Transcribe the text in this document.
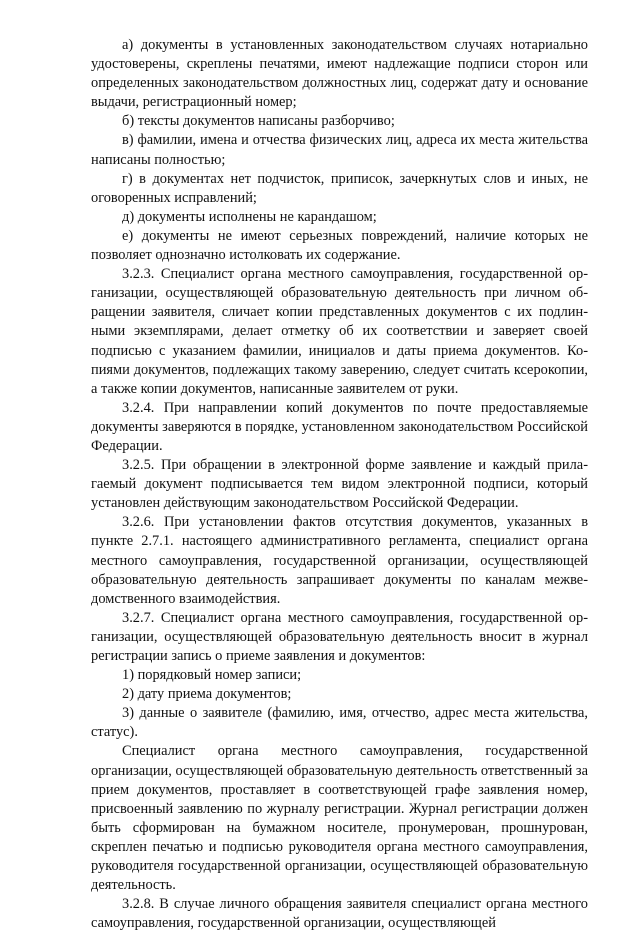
а) документы в установленных законодательством случаях нотариально удостоверены, скреплены печатями, имеют надлежащие подписи сторон или определенных законодательством должностных лиц, содержат дату и основание выдачи, регистрационный номер;

б) тексты документов написаны разборчиво;

в) фамилии, имена и отчества физических лиц, адреса их места жительства написаны полностью;

г) в документах нет подчисток, приписок, зачеркнутых слов и иных, не оговоренных исправлений;

д) документы исполнены не карандашом;

е) документы не имеют серьезных повреждений, наличие которых не позволяет однозначно истолковать их содержание.

3.2.3. Специалист органа местного самоуправления, государственной организации, осуществляющей образовательную деятельность при личном обращении заявителя, сличает копии представленных документов с их подлинными экземплярами, делает отметку об их соответствии и заверяет своей подписью с указанием фамилии, инициалов и даты приема документов. Копиями документов, подлежащих такому заверению, следует считать ксерокопии, а также копии документов, написанные заявителем от руки.

3.2.4. При направлении копий документов по почте предоставляемые документы заверяются в порядке, установленном законодательством Российской Федерации.

3.2.5. При обращении в электронной форме заявление и каждый прилагаемый документ подписывается тем видом электронной подписи, который установлен действующим законодательством Российской Федерации.

3.2.6. При установлении фактов отсутствия документов, указанных в пункте 2.7.1. настоящего административного регламента, специалист органа местного самоуправления, государственной организации, осуществляющей образовательную деятельность запрашивает документы по каналам межведомственного взаимодействия.

3.2.7. Специалист органа местного самоуправления, государственной организации, осуществляющей образовательную деятельность вносит в журнал регистрации запись о приеме заявления и документов:

1) порядковый номер записи;

2) дату приема документов;

3) данные о заявителе (фамилию, имя, отчество, адрес места жительства, статус).

Специалист органа местного самоуправления, государственной организации, осуществляющей образовательную деятельность ответственный за прием документов, проставляет в соответствующей графе заявления номер, присвоенный заявлению по журналу регистрации. Журнал регистрации должен быть сформирован на бумажном носителе, пронумерован, прошнурован, скреплен печатью и подписью руководителя органа местного самоуправления, руководителя государственной организации, осуществляющей образовательную деятельность.

3.2.8. В случае личного обращения заявителя специалист органа местного самоуправления, государственной организации, осуществляющей
